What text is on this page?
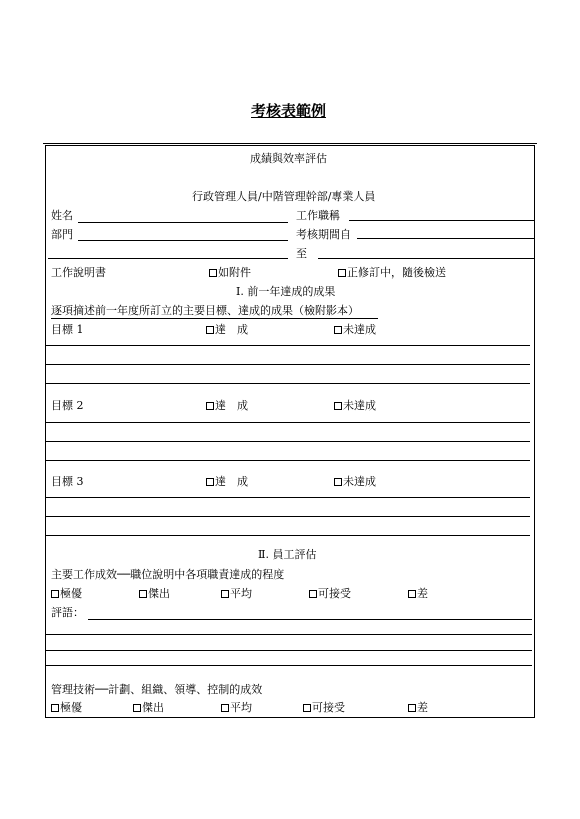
考核表範例
成績與效率評估
行政管理人員/中階管理幹部/專業人員
姓名	工作職稱
部門	考核期間自
至
工作說明書	如附件	正修訂中，隨後檢送
Ⅰ. 前一年達成的成果
逐項摘述前一年度所訂立的主要目標、達成的成果（檢附影本）
目標 1	達　成	未達成
目標 2	達　成	未達成
目標 3	達　成	未達成
Ⅱ. 員工評估
主要工作成效──職位說明中各項職責達成的程度
極優	傑出	平均	可接受	差
評語：
管理技術──計劃、組織、領導、控制的成效
極優	傑出	平均	可接受	差
